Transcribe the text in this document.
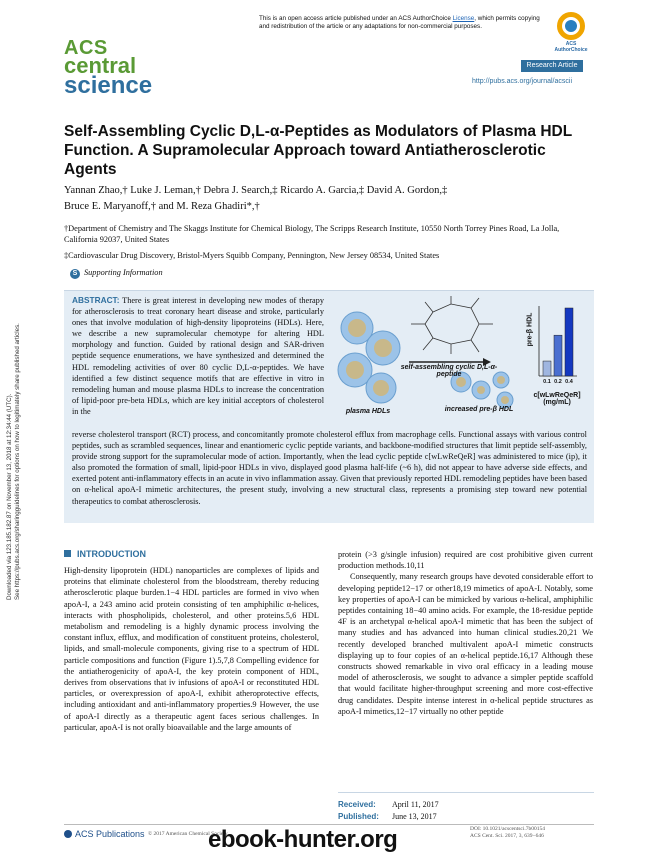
Downloaded via 123.185.182.87 on November 13, 2018 at 12:34:44 (UTC). See https://pubs.acs.org/sharingguidelines for options on how to legitimately share published articles.
ACS
central
science
This is an open access article published under an ACS AuthorChoice License, which permits copying and redistribution of the article or any adaptations for non-commercial purposes.
ACS AuthorChoice
Research Article
http://pubs.acs.org/journal/acscii
Self-Assembling Cyclic D,L-α-Peptides as Modulators of Plasma HDL Function. A Supramolecular Approach toward Antiatherosclerotic Agents
Yannan Zhao,† Luke J. Leman,† Debra J. Search,‡ Ricardo A. Garcia,‡ David A. Gordon,‡
Bruce E. Maryanoff,† and M. Reza Ghadiri*,†
†Department of Chemistry and The Skaggs Institute for Chemical Biology, The Scripps Research Institute, 10550 North Torrey Pines Road, La Jolla, California 92037, United States
‡Cardiovascular Drug Discovery, Bristol-Myers Squibb Company, Pennington, New Jersey 08534, United States
S Supporting Information
ABSTRACT: There is great interest in developing new modes of therapy for atherosclerosis to treat coronary heart disease and stroke, particularly ones that involve modulation of high-density lipoproteins (HDLs). Here, we describe a new supramolecular chemotype for altering HDL morphology and function. Guided by rational design and SAR-driven peptide sequence enumerations, we have synthesized and determined the HDL remodeling activities of over 80 cyclic D,L-α-peptides. We have identified a few distinct sequence motifs that are effective in vitro in remodeling human and mouse plasma HDLs to increase the concentration of lipid-poor pre-beta HDLs, which are key initial acceptors of cholesterol in the
reverse cholesterol transport (RCT) process, and concomitantly promote cholesterol efflux from macrophage cells. Functional assays with various control peptides, such as scrambled sequences, linear and enantiomeric cyclic peptide variants, and backbone-modified structures that limit peptide self-assembly, provide strong support for the supramolecular mode of action. Importantly, when the lead cyclic peptide c[wLwReQeR] was administered to mice (ip), it also promoted the formation of small, lipid-poor HDLs in vivo, displayed good plasma half-life (~6 h), did not appear to have adverse side effects, and exerted potent anti-inflammatory effects in an acute in vivo inflammation assay. Given that previously reported HDL remodeling peptides have been based on α-helical apoA-I mimetic architectures, the present study, involving a new structural class, represents a promising step toward new potential therapeutics to combat atherosclerosis.
plasma HDLs
self-assembling cyclic D,L-α-peptide
increased pre-β HDL
pre-β HDL
0.1 0.2 0.4
c[wLwReQeR] (mg/mL)
INTRODUCTION
High-density lipoprotein (HDL) nanoparticles are complexes of lipids and proteins that eliminate cholesterol from the bloodstream, thereby reducing atherosclerotic plaque burden.1−4 HDL particles are formed in vivo when apoA-I, a 243 amino acid protein consisting of ten amphiphilic α-helices, interacts with phospholipids, cholesterol, and other proteins.5,6 HDL metabolism and remodeling is a highly dynamic process involving the constant influx, efflux, and modification of constituent proteins, cholesterol, lipids, and small-molecule components, giving rise to a spectrum of HDL particle compositions and function (Figure 1).5,7,8 Compelling evidence for the antiatherogenicity of apoA-I, the key protein component of HDL, derives from observations that iv infusions of apoA-I or reconstituted HDL particles, or overexpression of apoA-I, exhibit atheroprotective effects, including antioxidant and anti-inflammatory properties.9 However, the use of apoA-I directly as a therapeutic agent faces serious challenges. In particular, apoA-I is not orally bioavailable and the large amounts of
protein (>3 g/single infusion) required are cost prohibitive given current production methods.10,11
Consequently, many research groups have devoted considerable effort to developing peptide12−17 or other18,19 mimetics of apoA-I. Notably, some key properties of apoA-I can be mimicked by various α-helical, amphiphilic peptides containing 18−40 amino acids. For example, the 18-residue peptide 4F is an archetypal α-helical apoA-I mimetic that has been the subject of many studies and has advanced into human clinical studies.20,21 We recently developed branched multivalent apoA-I mimetic constructs displaying up to four copies of an α-helical peptide.16,17 Although these constructs showed remarkable in vivo oral efficacy in a leading mouse model of atherosclerosis, we sought to advance a simpler peptide scaffold that would facilitate higher-throughput screening and more cost-effective drug candidates. Despite intense interest in α-helical peptide structures as apoA-I mimetics,12−17 virtually no other peptide
Received: April 11, 2017
Published: June 13, 2017
ACS Publications © 2017 American Chemical Society
DOI: 10.1021/acscentsci.7b00154
ACS Cent. Sci. 2017, 3, 639−646
ebook-hunter.org
